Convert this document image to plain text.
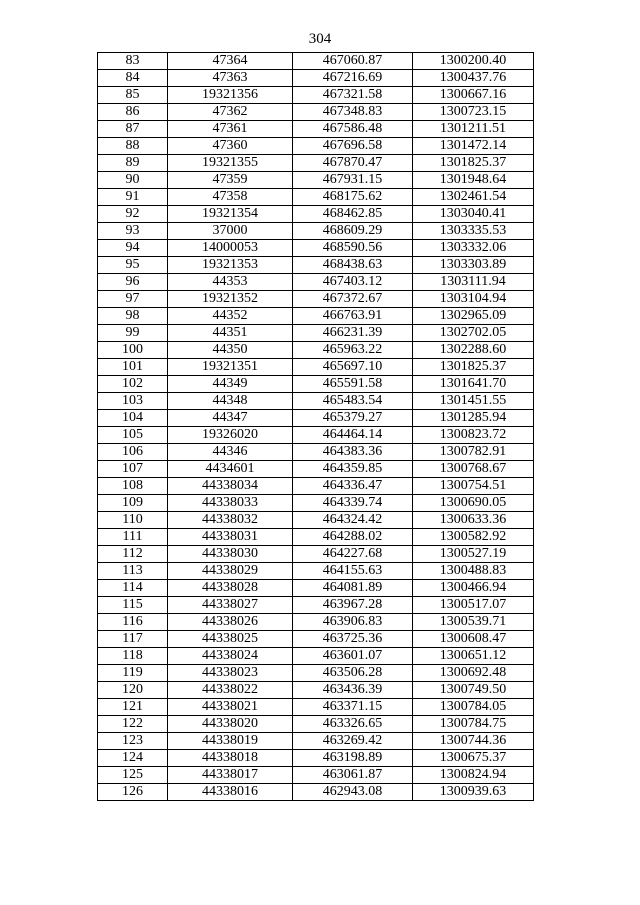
304
83	47364	467060.87	1300200.40
84	47363	467216.69	1300437.76
85	19321356	467321.58	1300667.16
86	47362	467348.83	1300723.15
87	47361	467586.48	1301211.51
88	47360	467696.58	1301472.14
89	19321355	467870.47	1301825.37
90	47359	467931.15	1301948.64
91	47358	468175.62	1302461.54
92	19321354	468462.85	1303040.41
93	37000	468609.29	1303335.53
94	14000053	468590.56	1303332.06
95	19321353	468438.63	1303303.89
96	44353	467403.12	1303111.94
97	19321352	467372.67	1303104.94
98	44352	466763.91	1302965.09
99	44351	466231.39	1302702.05
100	44350	465963.22	1302288.60
101	19321351	465697.10	1301825.37
102	44349	465591.58	1301641.70
103	44348	465483.54	1301451.55
104	44347	465379.27	1301285.94
105	19326020	464464.14	1300823.72
106	44346	464383.36	1300782.91
107	4434601	464359.85	1300768.67
108	44338034	464336.47	1300754.51
109	44338033	464339.74	1300690.05
110	44338032	464324.42	1300633.36
111	44338031	464288.02	1300582.92
112	44338030	464227.68	1300527.19
113	44338029	464155.63	1300488.83
114	44338028	464081.89	1300466.94
115	44338027	463967.28	1300517.07
116	44338026	463906.83	1300539.71
117	44338025	463725.36	1300608.47
118	44338024	463601.07	1300651.12
119	44338023	463506.28	1300692.48
120	44338022	463436.39	1300749.50
121	44338021	463371.15	1300784.05
122	44338020	463326.65	1300784.75
123	44338019	463269.42	1300744.36
124	44338018	463198.89	1300675.37
125	44338017	463061.87	1300824.94
126	44338016	462943.08	1300939.63
